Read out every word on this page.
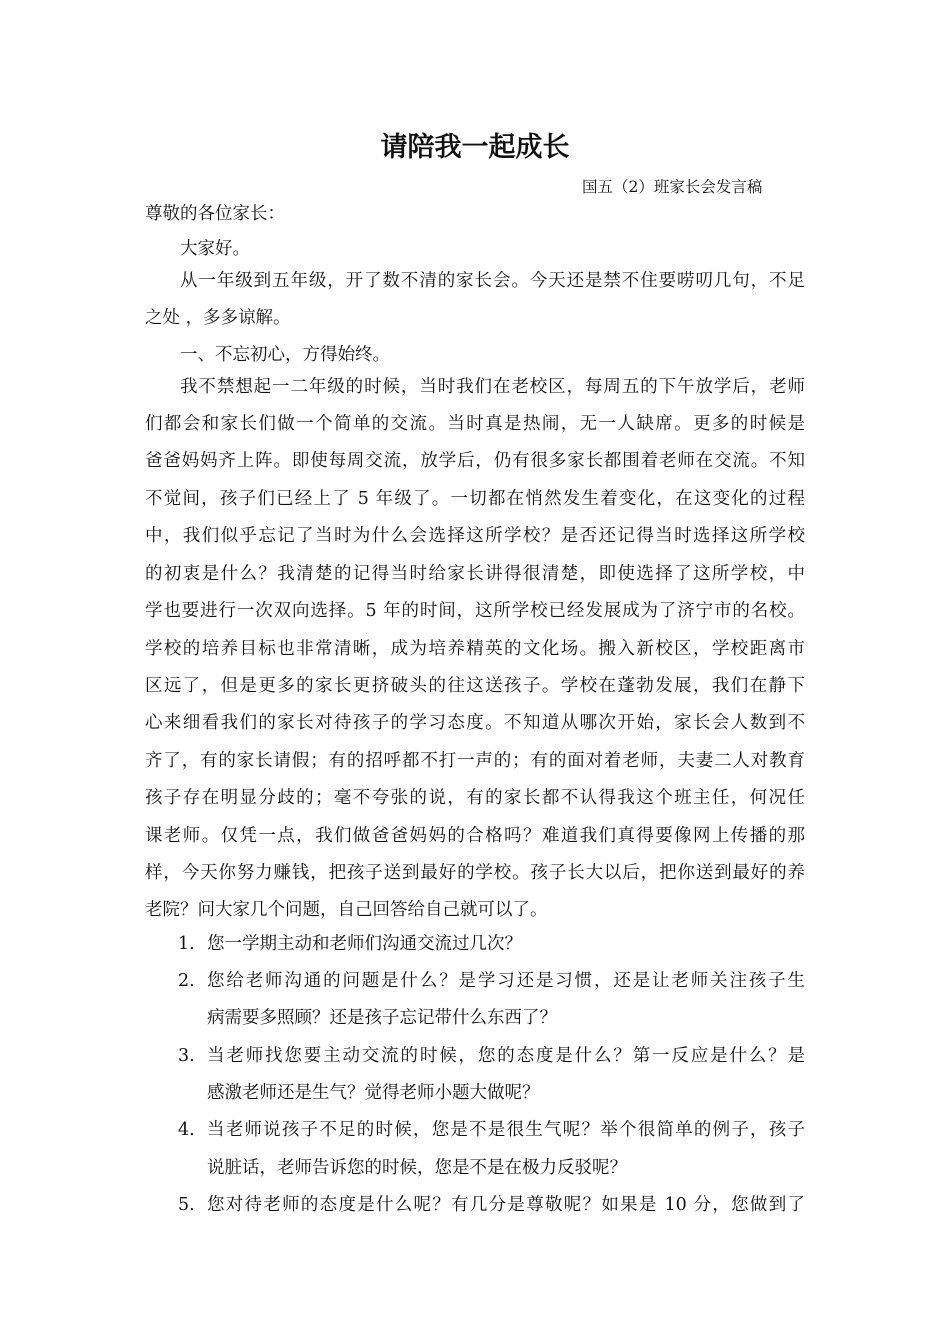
请陪我一起成长
国五（2）班家长会发言稿
尊敬的各位家长：
大家好。
从一年级到五年级，开了数不清的家长会。今天还是禁不住要唠叨几句，不足
之处 ，多多谅解。
一、不忘初心，方得始终。
我不禁想起一二年级的时候，当时我们在老校区，每周五的下午放学后，老师
们都会和家长们做一个简单的交流。当时真是热闹，无一人缺席。更多的时候是
爸爸妈妈齐上阵。即使每周交流，放学后，仍有很多家长都围着老师在交流。不知
不觉间，孩子们已经上了 5 年级了。一切都在悄然发生着变化，在这变化的过程
中，我们似乎忘记了当时为什么会选择这所学校？是否还记得当时选择这所学校
的初衷是什么？我清楚的记得当时给家长讲得很清楚，即使选择了这所学校，中
学也要进行一次双向选择。5 年的时间，这所学校已经发展成为了济宁市的名校。
学校的培养目标也非常清晰，成为培养精英的文化场。搬入新校区，学校距离市
区远了，但是更多的家长更挤破头的往这送孩子。学校在蓬勃发展，我们在静下
心来细看我们的家长对待孩子的学习态度。不知道从哪次开始，家长会人数到不
齐了，有的家长请假；有的招呼都不打一声的；有的面对着老师，夫妻二人对教育
孩子存在明显分歧的；毫不夸张的说，有的家长都不认得我这个班主任，何况任
课老师。仅凭一点，我们做爸爸妈妈的合格吗？难道我们真得要像网上传播的那
样，今天你努力赚钱，把孩子送到最好的学校。孩子长大以后，把你送到最好的养
老院？问大家几个问题，自己回答给自己就可以了。
1. 您一学期主动和老师们沟通交流过几次？
2. 您给老师沟通的问题是什么？是学习还是习惯，还是让老师关注孩子生
病需要多照顾？还是孩子忘记带什么东西了？
3. 当老师找您要主动交流的时候，您的态度是什么？第一反应是什么？是
感激老师还是生气？觉得老师小题大做呢？
4. 当老师说孩子不足的时候，您是不是很生气呢？举个很简单的例子，孩子
说脏话，老师告诉您的时候，您是不是在极力反驳呢？
5. 您对待老师的态度是什么呢？有几分是尊敬呢？如果是 10 分，您做到了
